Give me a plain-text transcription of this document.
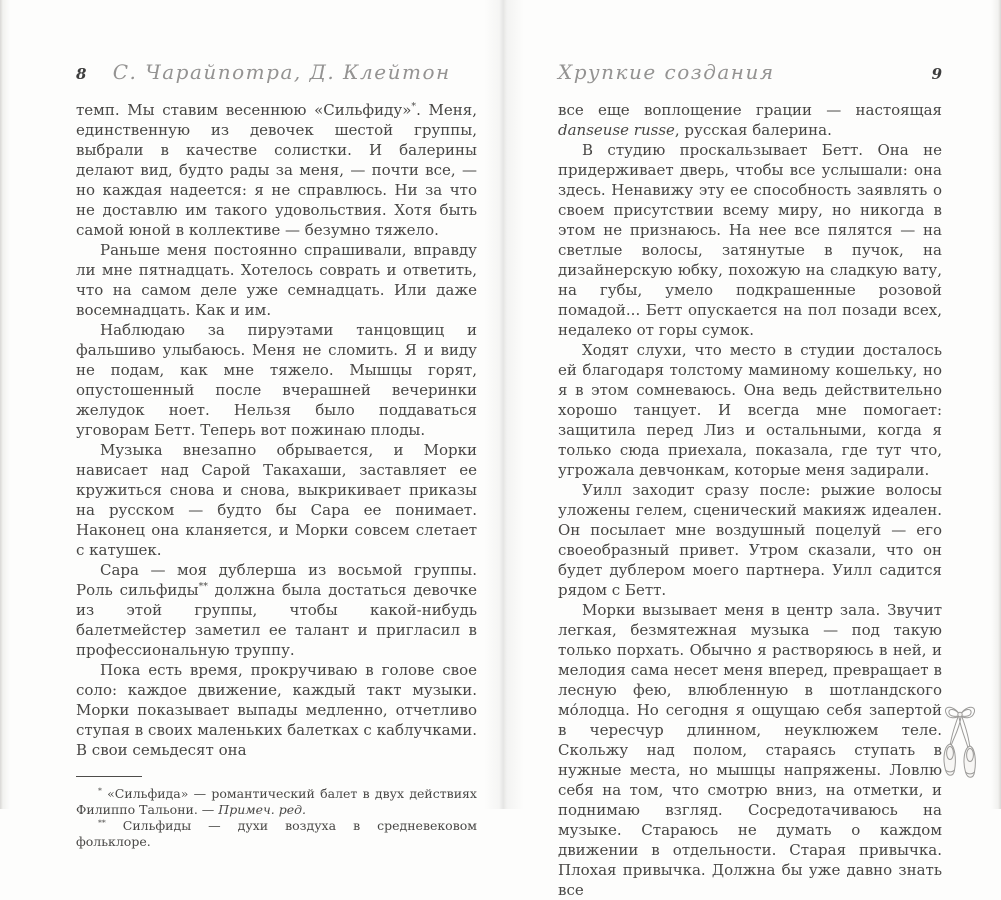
8	С. Чарайпотра, Д. Клейтон

темп. Мы ставим весеннюю «Сильфиду»*. Меня, единственную из девочек шестой группы, выбрали в качестве солистки. И балерины делают вид, будто рады за меня, — почти все, — но каждая надеется: я не справлюсь. Ни за что не доставлю им такого удовольствия. Хотя быть самой юной в коллективе — безумно тяжело.

Раньше меня постоянно спрашивали, вправду ли мне пятнадцать. Хотелось соврать и ответить, что на самом деле уже семнадцать. Или даже восемнадцать. Как и им.

Наблюдаю за пируэтами танцовщиц и фальшиво улыбаюсь. Меня не сломить. Я и виду не подам, как мне тяжело. Мышцы горят, опустошенный после вчерашней вечеринки желудок ноет. Нельзя было поддаваться уговорам Бетт. Теперь вот пожинаю плоды.

Музыка внезапно обрывается, и Морки нависает над Сарой Такахаши, заставляет ее кружиться снова и снова, выкрикивает приказы на русском — будто бы Сара ее понимает. Наконец она кланяется, и Морки совсем слетает с катушек.

Сара — моя дублерша из восьмой группы. Роль сильфиды** должна была достаться девочке из этой группы, чтобы какой-нибудь балетмейстер заметил ее талант и пригласил в профессиональную труппу.

Пока есть время, прокручиваю в голове свое соло: каждое движение, каждый такт музыки. Морки показывает выпады медленно, отчетливо ступая в своих маленьких балетках с каблучками. В свои семьдесят она

* «Сильфида» — романтический балет в двух действиях Филиппо Тальони. — Примеч. ред.

** Сильфиды — духи воздуха в средневековом фольклоре.

Хрупкие создания	9

все еще воплощение грации — настоящая danseuse russe, русская балерина.

В студию проскальзывает Бетт. Она не придерживает дверь, чтобы все услышали: она здесь. Ненавижу эту ее способность заявлять о своем присутствии всему миру, но никогда в этом не признаюсь. На нее все пялятся — на светлые волосы, затянутые в пучок, на дизайнерскую юбку, похожую на сладкую вату, на губы, умело подкрашенные розовой помадой... Бетт опускается на пол позади всех, недалеко от горы сумок.

Ходят слухи, что место в студии досталось ей благодаря толстому маминому кошельку, но я в этом сомневаюсь. Она ведь действительно хорошо танцует. И всегда мне помогает: защитила перед Лиз и остальными, когда я только сюда приехала, показала, где тут что, угрожала девчонкам, которые меня задирали.

Уилл заходит сразу после: рыжие волосы уложены гелем, сценический макияж идеален. Он посылает мне воздушный поцелуй — его своеобразный привет. Утром сказали, что он будет дублером моего партнера. Уилл садится рядом с Бетт.

Морки вызывает меня в центр зала. Звучит легкая, безмятежная музыка — под такую только порхать. Обычно я растворяюсь в ней, и мелодия сама несет меня вперед, превращает в лесную фею, влюбленную в шотландского мо́лодца. Но сегодня я ощущаю себя запертой в чересчур длинном, неуклюжем теле. Скольжу над полом, стараясь ступать в нужные места, но мышцы напряжены. Ловлю себя на том, что смотрю вниз, на отметки, и поднимаю взгляд. Сосредотачиваюсь на музыке. Стараюсь не думать о каждом движении в отдельности. Старая привычка. Плохая привычка. Должна бы уже давно знать все
